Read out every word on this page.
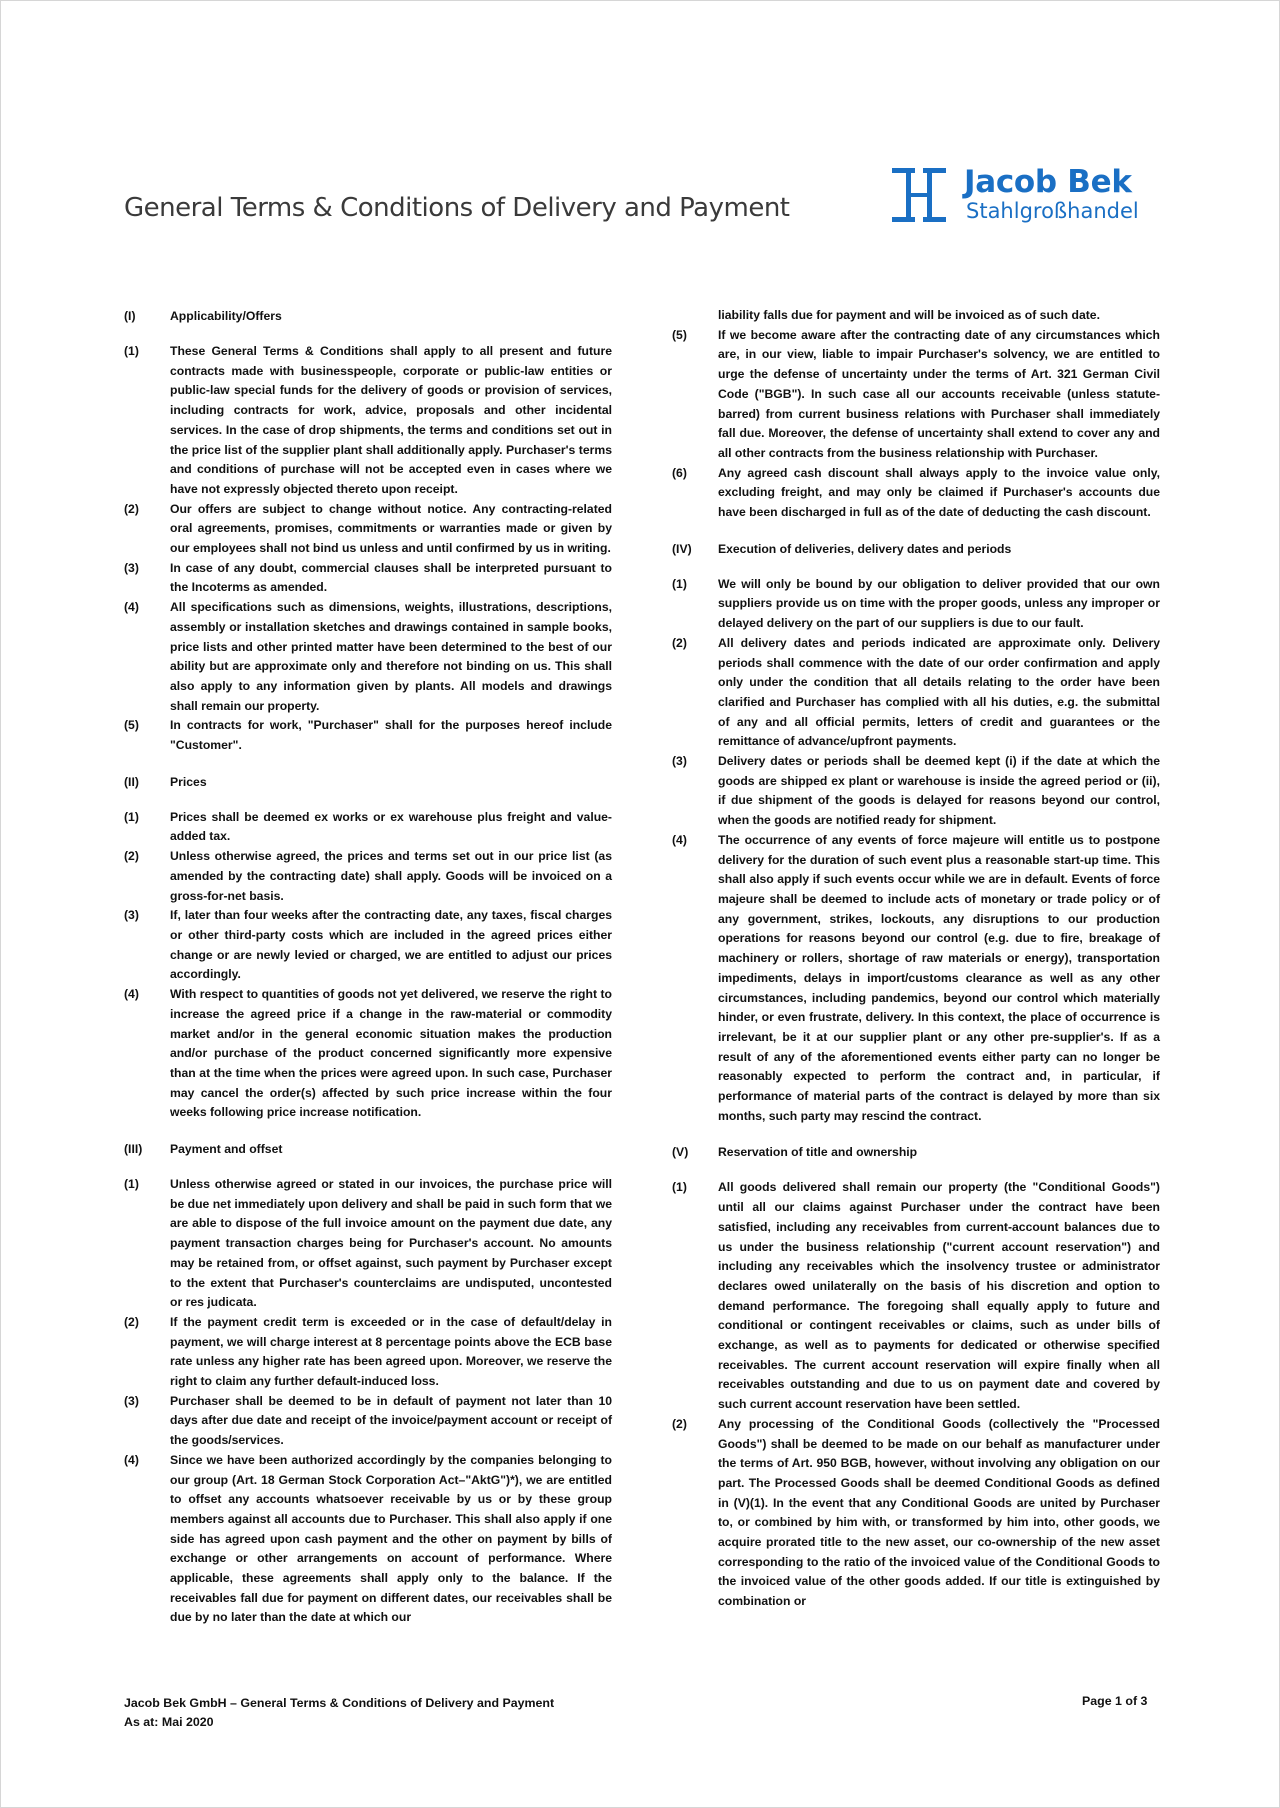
General Terms & Conditions of Delivery and Payment
Jacob Bek
Stahlgroßhandel
(I)	Applicability/Offers
(1)	These General Terms & Conditions shall apply to all present and future contracts made with businesspeople, corporate or public-law entities or public-law special funds for the delivery of goods or provision of services, including contracts for work, advice, proposals and other incidental services. In the case of drop shipments, the terms and conditions set out in the price list of the supplier plant shall additionally apply. Purchaser's terms and conditions of purchase will not be accepted even in cases where we have not expressly objected thereto upon receipt.
(2)	Our offers are subject to change without notice. Any contracting-related oral agreements, promises, commitments or warranties made or given by our employees shall not bind us unless and until confirmed by us in writing.
(3)	In case of any doubt, commercial clauses shall be interpreted pursuant to the Incoterms as amended.
(4)	All specifications such as dimensions, weights, illustrations, descriptions, assembly or installation sketches and drawings contained in sample books, price lists and other printed matter have been determined to the best of our ability but are approximate only and therefore not binding on us. This shall also apply to any information given by plants. All models and drawings shall remain our property.
(5)	In contracts for work, "Purchaser" shall for the purposes hereof include "Customer".
(II)	Prices
(1)	Prices shall be deemed ex works or ex warehouse plus freight and value-added tax.
(2)	Unless otherwise agreed, the prices and terms set out in our price list (as amended by the contracting date) shall apply. Goods will be invoiced on a gross-for-net basis.
(3)	If, later than four weeks after the contracting date, any taxes, fiscal charges or other third-party costs which are included in the agreed prices either change or are newly levied or charged, we are entitled to adjust our prices accordingly.
(4)	With respect to quantities of goods not yet delivered, we reserve the right to increase the agreed price if a change in the raw-material or commodity market and/or in the general economic situation makes the production and/or purchase of the product concerned significantly more expensive than at the time when the prices were agreed upon. In such case, Purchaser may cancel the order(s) affected by such price increase within the four weeks following price increase notification.
(III)	Payment and offset
(1)	Unless otherwise agreed or stated in our invoices, the purchase price will be due net immediately upon delivery and shall be paid in such form that we are able to dispose of the full invoice amount on the payment due date, any payment transaction charges being for Purchaser's account. No amounts may be retained from, or offset against, such payment by Purchaser except to the extent that Purchaser's counterclaims are undisputed, uncontested or res judicata.
(2)	If the payment credit term is exceeded or in the case of default/delay in payment, we will charge interest at 8 percentage points above the ECB base rate unless any higher rate has been agreed upon. Moreover, we reserve the right to claim any further default-induced loss.
(3)	Purchaser shall be deemed to be in default of payment not later than 10 days after due date and receipt of the invoice/payment account or receipt of the goods/services.
(4)	Since we have been authorized accordingly by the companies belonging to our group (Art. 18 German Stock Corporation Act–"AktG")*), we are entitled to offset any accounts whatsoever receivable by us or by these group members against all accounts due to Purchaser. This shall also apply if one side has agreed upon cash payment and the other on payment by bills of exchange or other arrangements on account of performance. Where applicable, these agreements shall apply only to the balance. If the receivables fall due for payment on different dates, our receivables shall be due by no later than the date at which our
liability falls due for payment and will be invoiced as of such date.
(5)	If we become aware after the contracting date of any circumstances which are, in our view, liable to impair Purchaser's solvency, we are entitled to urge the defense of uncertainty under the terms of Art. 321 German Civil Code ("BGB"). In such case all our accounts receivable (unless statute-barred) from current business relations with Purchaser shall immediately fall due. Moreover, the defense of uncertainty shall extend to cover any and all other contracts from the business relationship with Purchaser.
(6)	Any agreed cash discount shall always apply to the invoice value only, excluding freight, and may only be claimed if Purchaser's accounts due have been discharged in full as of the date of deducting the cash discount.
(IV)	Execution of deliveries, delivery dates and periods
(1)	We will only be bound by our obligation to deliver provided that our own suppliers provide us on time with the proper goods, unless any improper or delayed delivery on the part of our suppliers is due to our fault.
(2)	All delivery dates and periods indicated are approximate only. Delivery periods shall commence with the date of our order confirmation and apply only under the condition that all details relating to the order have been clarified and Purchaser has complied with all his duties, e.g. the submittal of any and all official permits, letters of credit and guarantees or the remittance of advance/upfront payments.
(3)	Delivery dates or periods shall be deemed kept (i) if the date at which the goods are shipped ex plant or warehouse is inside the agreed period or (ii), if due shipment of the goods is delayed for reasons beyond our control, when the goods are notified ready for shipment.
(4)	The occurrence of any events of force majeure will entitle us to postpone delivery for the duration of such event plus a reasonable start-up time. This shall also apply if such events occur while we are in default. Events of force majeure shall be deemed to include acts of monetary or trade policy or of any government, strikes, lockouts, any disruptions to our production operations for reasons beyond our control (e.g. due to fire, breakage of machinery or rollers, shortage of raw materials or energy), transportation impediments, delays in import/customs clearance as well as any other circumstances, including pandemics, beyond our control which materially hinder, or even frustrate, delivery. In this context, the place of occurrence is irrelevant, be it at our supplier plant or any other pre-supplier's. If as a result of any of the aforementioned events either party can no longer be reasonably expected to perform the contract and, in particular, if performance of material parts of the contract is delayed by more than six months, such party may rescind the contract.
(V)	Reservation of title and ownership
(1)	All goods delivered shall remain our property (the "Conditional Goods") until all our claims against Purchaser under the contract have been satisfied, including any receivables from current-account balances due to us under the business relationship ("current account reservation") and including any receivables which the insolvency trustee or administrator declares owed unilaterally on the basis of his discretion and option to demand performance. The foregoing shall equally apply to future and conditional or contingent receivables or claims, such as under bills of exchange, as well as to payments for dedicated or otherwise specified receivables. The current account reservation will expire finally when all receivables outstanding and due to us on payment date and covered by such current account reservation have been settled.
(2)	Any processing of the Conditional Goods (collectively the "Processed Goods") shall be deemed to be made on our behalf as manufacturer under the terms of Art. 950 BGB, however, without involving any obligation on our part. The Processed Goods shall be deemed Conditional Goods as defined in (V)(1). In the event that any Conditional Goods are united by Purchaser to, or combined by him with, or transformed by him into, other goods, we acquire prorated title to the new asset, our co-ownership of the new asset corresponding to the ratio of the invoiced value of the Conditional Goods to the invoiced value of the other goods added. If our title is extinguished by combination or
Jacob Bek GmbH – General Terms & Conditions of Delivery and Payment
As at: Mai 2020
Page 1 of 3
